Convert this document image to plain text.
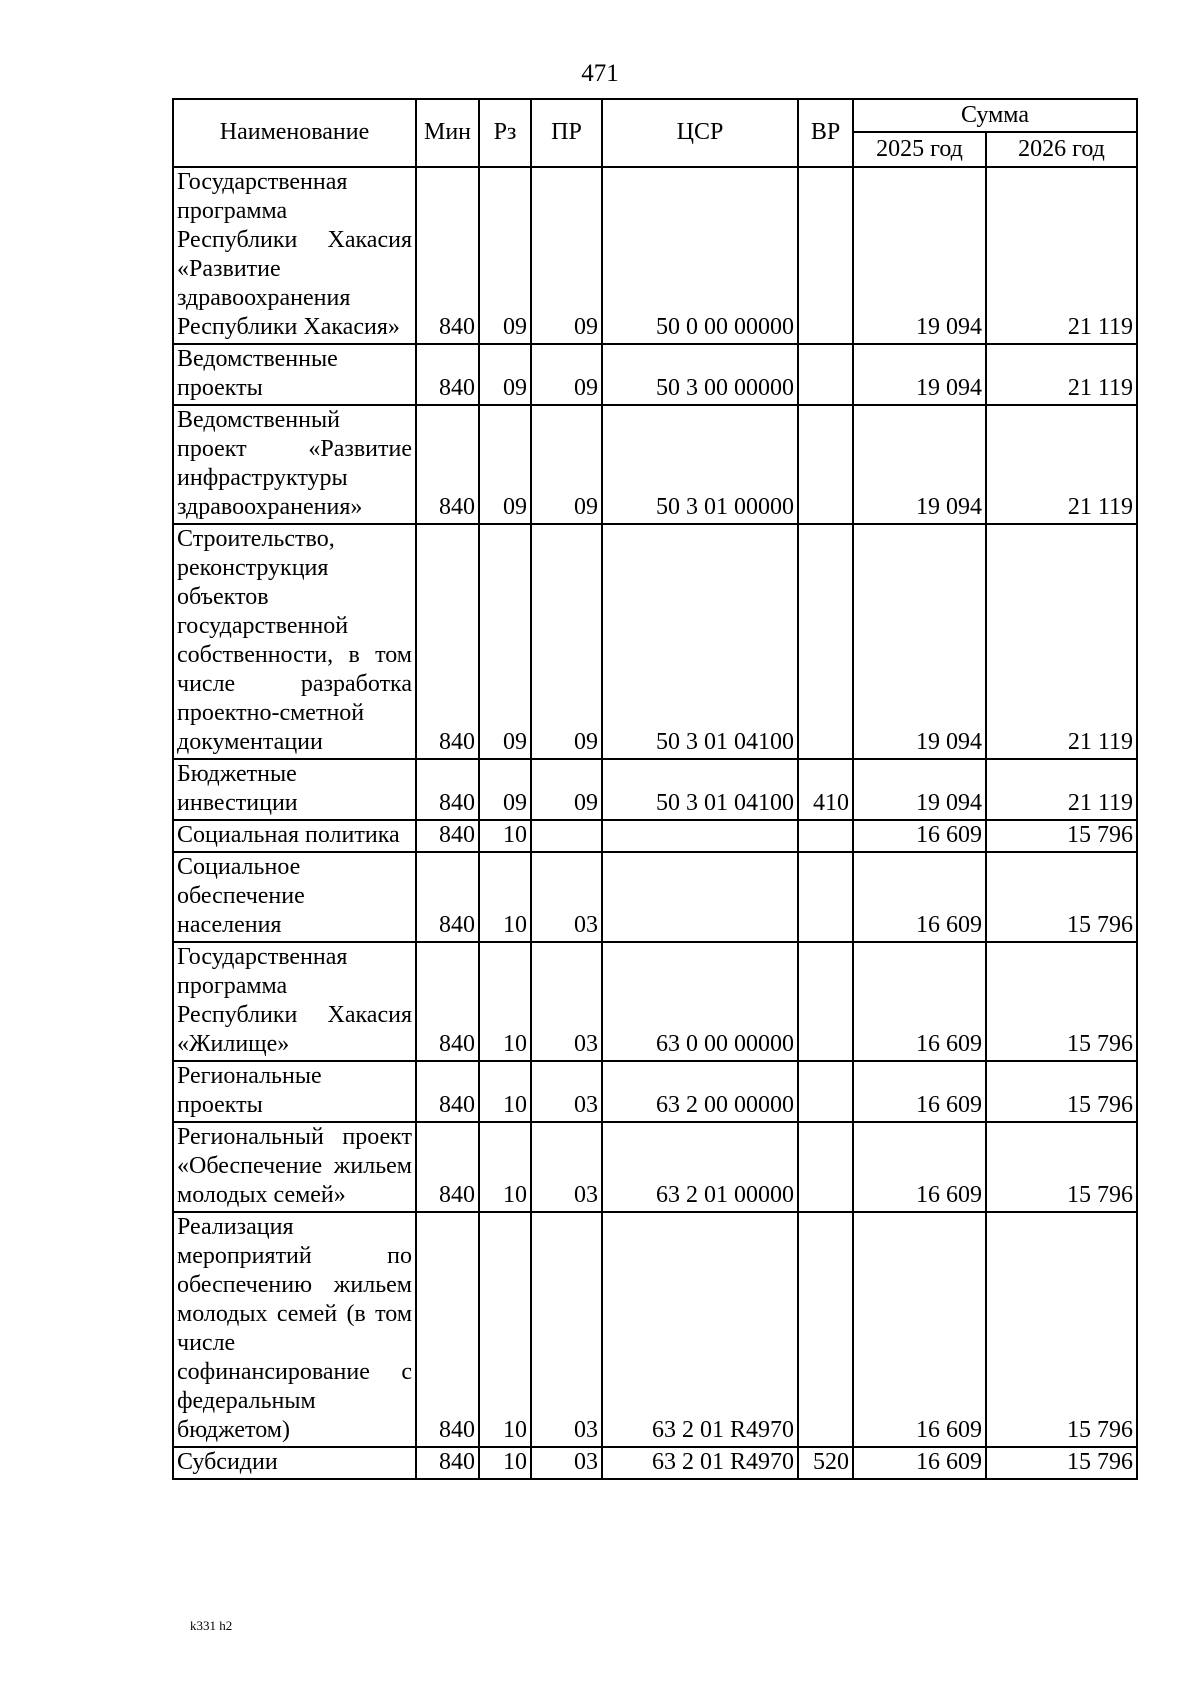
471
Наименование	Мин	Рз	ПР	ЦСР	ВР	Сумма	
						2025 год	2026 год
Государственная программа Республики Хакасия «Развитие здравоохранения Республики Хакасия»	840	09	09	50 0 00 00000		19 094	21 119
Ведомственные проекты	840	09	09	50 3 00 00000		19 094	21 119
Ведомственный проект «Развитие инфраструктуры здравоохранения»	840	09	09	50 3 01 00000		19 094	21 119
Строительство, реконструкция объектов государственной собственности, в том числе разработка проектно-сметной документации	840	09	09	50 3 01 04100		19 094	21 119
Бюджетные инвестиции	840	09	09	50 3 01 04100	410	19 094	21 119
Социальная политика	840	10				16 609	15 796
Социальное обеспечение населения	840	10	03			16 609	15 796
Государственная программа Республики Хакасия «Жилище»	840	10	03	63 0 00 00000		16 609	15 796
Региональные проекты	840	10	03	63 2 00 00000		16 609	15 796
Региональный проект «Обеспечение жильем молодых семей»	840	10	03	63 2 01 00000		16 609	15 796
Реализация мероприятий по обеспечению жильем молодых семей (в том числе софинансирование с федеральным бюджетом)	840	10	03	63 2 01 R4970		16 609	15 796
Субсидии	840	10	03	63 2 01 R4970	520	16 609	15 796
k331 h2
